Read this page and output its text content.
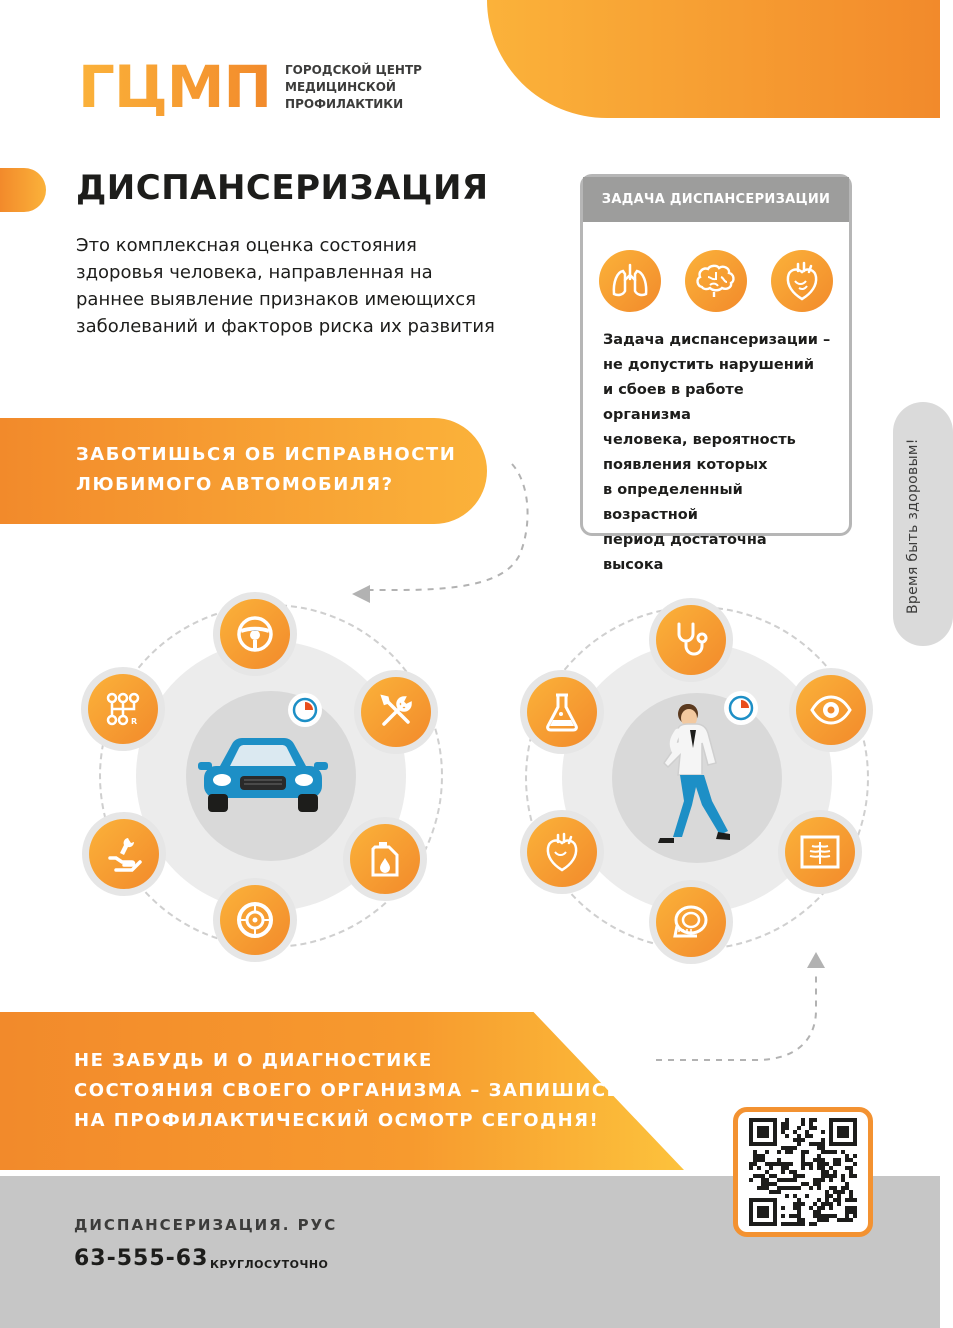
ГЦМП ГОРОДСКОЙ ЦЕНТР
МЕДИЦИНСКОЙ
ПРОФИЛАКТИКИ
ДИСПАНСЕРИЗАЦИЯ

Это комплексная оценка состояния здоровья человека, направленная на раннее выявление признаков имеющихся заболеваний и факторов риска их развития

ЗАДАЧА ДИСПАНСЕРИЗАЦИИ
Задача диспансеризации –
не допустить нарушений
и сбоев в работе организма
человека, вероятность
появления которых
в определенный возрастной
период достаточна высока	Время быть здоровым!
ЗАБОТИШЬСЯ ОБ ИСПРАВНОСТИ
ЛЮБИМОГО АВТОМОБИЛЯ?
R
НЕ ЗАБУДЬ И О ДИАГНОСТИКЕ
СОСТОЯНИЯ СВОЕГО ОРГАНИЗМА – ЗАПИШИСЬ
НА ПРОФИЛАКТИЧЕСКИЙ ОСМОТР СЕГОДНЯ!
ДИСПАНСЕРИЗАЦИЯ. РУС
63-555-63 КРУГЛОСУТОЧНО
